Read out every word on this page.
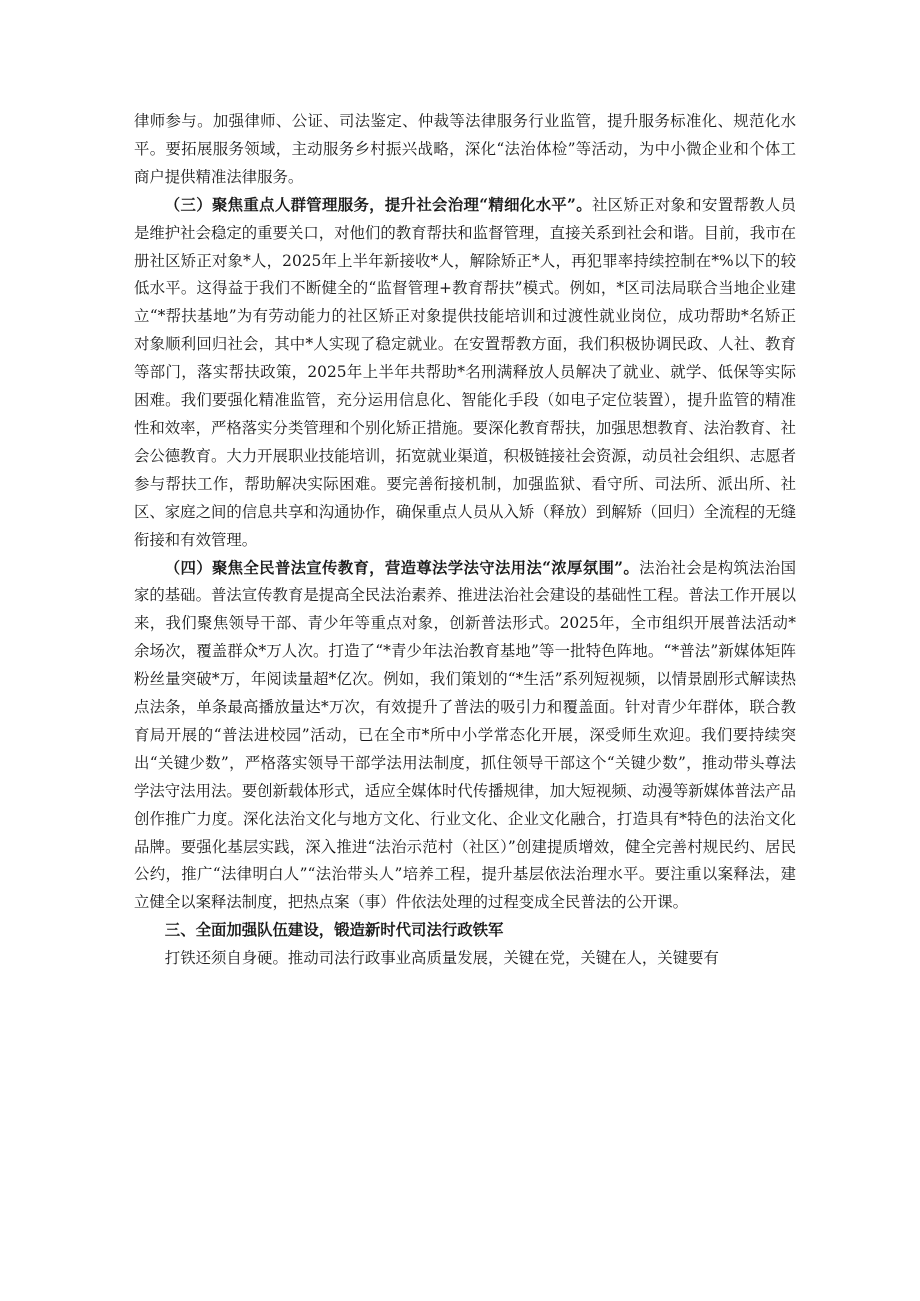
律师参与。加强律师、公证、司法鉴定、仲裁等法律服务行业监管，提升服务标准化、规范化水平。要拓展服务领域，主动服务乡村振兴战略，深化“法治体检”等活动，为中小微企业和个体工商户提供精准法律服务。

（三）聚焦重点人群管理服务，提升社会治理“精细化水平”。社区矫正对象和安置帮教人员是维护社会稳定的重要关口，对他们的教育帮扶和监督管理，直接关系到社会和谐。目前，我市在册社区矫正对象*人，2025年上半年新接收*人，解除矫正*人，再犯罪率持续控制在*%以下的较低水平。这得益于我们不断健全的“监督管理+教育帮扶”模式。例如，*区司法局联合当地企业建立“*帮扶基地”为有劳动能力的社区矫正对象提供技能培训和过渡性就业岗位，成功帮助*名矫正对象顺利回归社会，其中*人实现了稳定就业。在安置帮教方面，我们积极协调民政、人社、教育等部门，落实帮扶政策，2025年上半年共帮助*名刑满释放人员解决了就业、就学、低保等实际困难。我们要强化精准监管，充分运用信息化、智能化手段（如电子定位装置），提升监管的精准性和效率，严格落实分类管理和个别化矫正措施。要深化教育帮扶，加强思想教育、法治教育、社会公德教育。大力开展职业技能培训，拓宽就业渠道，积极链接社会资源，动员社会组织、志愿者参与帮扶工作，帮助解决实际困难。要完善衔接机制，加强监狱、看守所、司法所、派出所、社区、家庭之间的信息共享和沟通协作，确保重点人员从入矫（释放）到解矫（回归）全流程的无缝衔接和有效管理。

（四）聚焦全民普法宣传教育，营造尊法学法守法用法“浓厚氛围”。法治社会是构筑法治国家的基础。普法宣传教育是提高全民法治素养、推进法治社会建设的基础性工程。普法工作开展以来，我们聚焦领导干部、青少年等重点对象，创新普法形式。2025年，全市组织开展普法活动*余场次，覆盖群众*万人次。打造了“*青少年法治教育基地”等一批特色阵地。“*普法”新媒体矩阵粉丝量突破*万，年阅读量超*亿次。例如，我们策划的“*生活”系列短视频，以情景剧形式解读热点法条，单条最高播放量达*万次，有效提升了普法的吸引力和覆盖面。针对青少年群体，联合教育局开展的“普法进校园”活动，已在全市*所中小学常态化开展，深受师生欢迎。我们要持续突出“关键少数”，严格落实领导干部学法用法制度，抓住领导干部这个“关键少数”，推动带头尊法学法守法用法。要创新载体形式，适应全媒体时代传播规律，加大短视频、动漫等新媒体普法产品创作推广力度。深化法治文化与地方文化、行业文化、企业文化融合，打造具有*特色的法治文化品牌。要强化基层实践，深入推进“法治示范村（社区）”创建提质增效，健全完善村规民约、居民公约，推广“法律明白人”“法治带头人”培养工程，提升基层依法治理水平。要注重以案释法，建立健全以案释法制度，把热点案（事）件依法处理的过程变成全民普法的公开课。

三、全面加强队伍建设，锻造新时代司法行政铁军

打铁还须自身硬。推动司法行政事业高质量发展，关键在党，关键在人，关键要有
